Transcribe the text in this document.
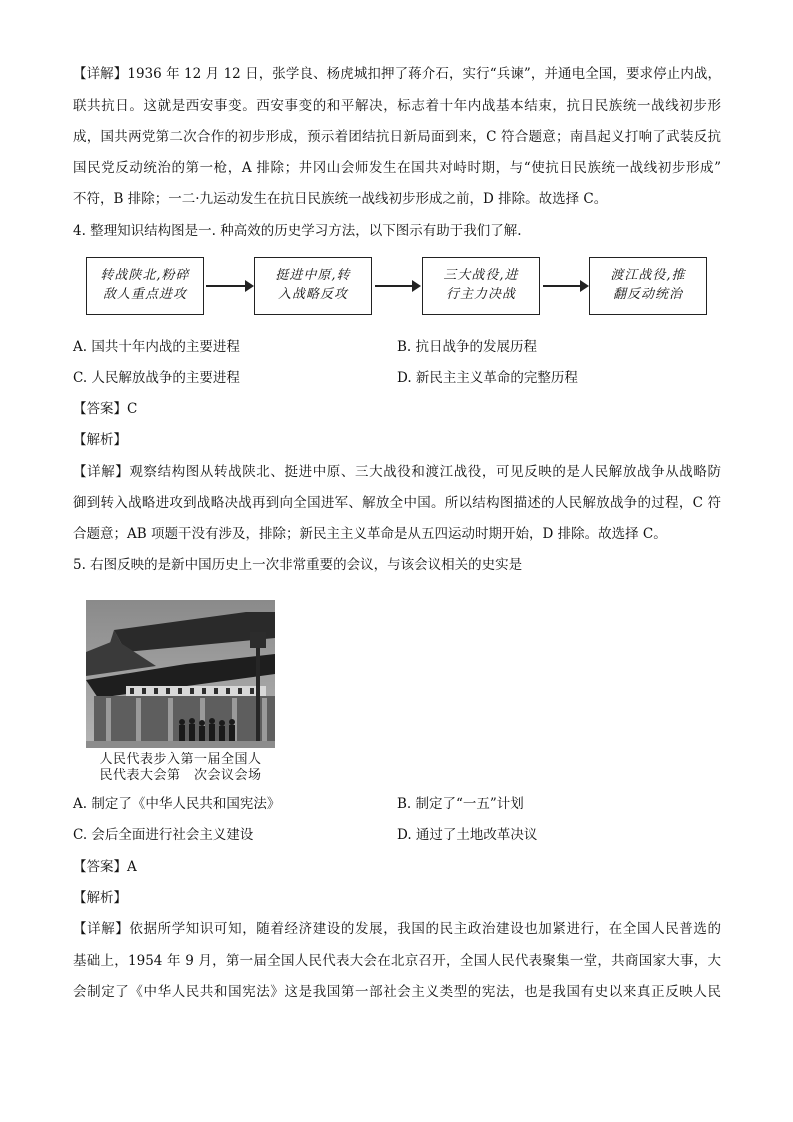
【详解】1936 年 12 月 12 日，张学良、杨虎城扣押了蒋介石，实行“兵谏”，并通电全国，要求停止内战，
联共抗日。这就是西安事变。西安事变的和平解决，标志着十年内战基本结束，抗日民族统一战线初步形
成，国共两党第二次合作的初步形成，预示着团结抗日新局面到来，C 符合题意；南昌起义打响了武装反抗
国民党反动统治的第一枪，A 排除；井冈山会师发生在国共对峙时期，与“使抗日民族统一战线初步形成”
不符，B 排除；一二·九运动发生在抗日民族统一战线初步形成之前，D 排除。故选择 C。
4. 整理知识结构图是一. 种高效的历史学习方法，以下图示有助于我们了解.
转战陕北,粉碎
敌人重点进攻
挺进中原,转
入战略反攻
三大战役,进
行主力决战
渡江战役,推
翻反动统治
A. 国共十年内战的主要进程	B. 抗日战争的发展历程
C. 人民解放战争的主要进程	D. 新民主主义革命的完整历程
【答案】C
【解析】
【详解】观察结构图从转战陕北、挺进中原、三大战役和渡江战役，可见反映的是人民解放战争从战略防
御到转入战略进攻到战略决战再到向全国进军、解放全中国。所以结构图描述的人民解放战争的过程，C 符
合题意；AB 项题干没有涉及，排除；新民主主义革命是从五四运动时期开始，D 排除。故选择 C。
5. 右图反映的是新中国历史上一次非常重要的会议，与该会议相关的史实是
人民代表步入第一届全国人
民代表大会第　次会议会场
A. 制定了《中华人民共和国宪法》	B. 制定了“一五”计划
C. 会后全面进行社会主义建设	D. 通过了土地改革决议
【答案】A
【解析】
【详解】依据所学知识可知，随着经济建设的发展，我国的民主政治建设也加紧进行，在全国人民普选的
基础上，1954 年 9 月，第一届全国人民代表大会在北京召开，全国人民代表聚集一堂，共商国家大事，大
会制定了《中华人民共和国宪法》这是我国第一部社会主义类型的宪法，也是我国有史以来真正反映人民
